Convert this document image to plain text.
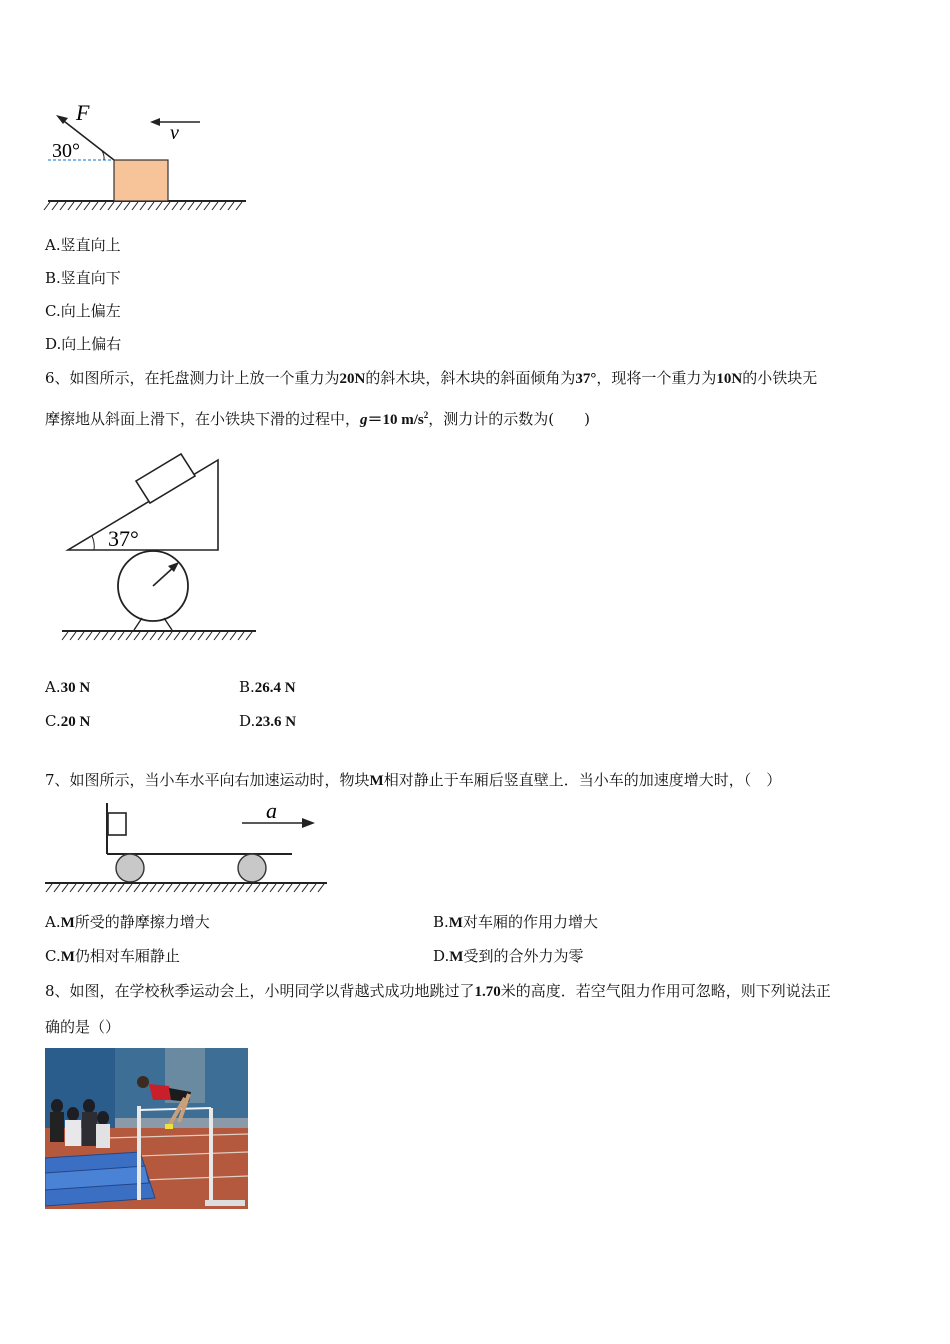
F
30°
v
A.竖直向上
B.竖直向下
C.向上偏左
D.向上偏右
6、如图所示，在托盘测力计上放一个重力为20N的斜木块，斜木块的斜面倾角为37°，现将一个重力为10N的小铁块无
摩擦地从斜面上滑下，在小铁块下滑的过程中，g＝10 $m/s^2$，测力计的示数为(　　)
37°
A.30 N	B.26.4 N
C.20 N	D.23.6 N
7、如图所示，当小车水平向右加速运动时，物块M相对静止于车厢后竖直壁上．当小车的加速度增大时，（　）
a
A.M所受的静摩擦力增大	B.M对车厢的作用力增大
C.M仍相对车厢静止	D.M受到的合外力为零
8、如图，在学校秋季运动会上，小明同学以背越式成功地跳过了1.70米的高度．若空气阻力作用可忽略，则下列说法正
确的是（）
